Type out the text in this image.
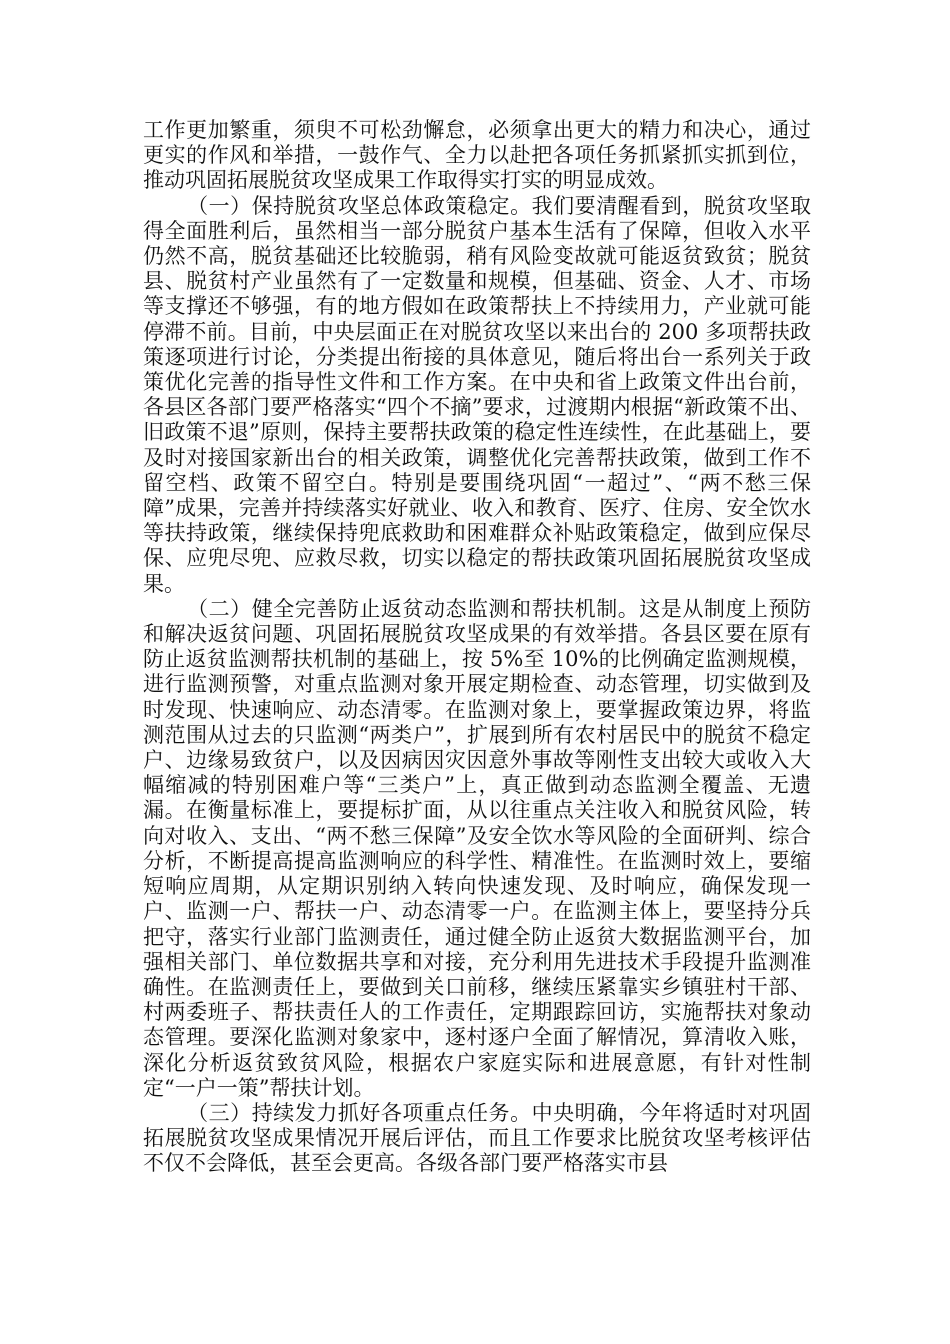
工作更加繁重，须臾不可松劲懈怠，必须拿出更大的精力和决心，通过更实的作风和举措，一鼓作气、全力以赴把各项任务抓紧抓实抓到位，推动巩固拓展脱贫攻坚成果工作取得实打实的明显成效。

（一）保持脱贫攻坚总体政策稳定。我们要清醒看到，脱贫攻坚取得全面胜利后，虽然相当一部分脱贫户基本生活有了保障，但收入水平仍然不高，脱贫基础还比较脆弱，稍有风险变故就可能返贫致贫；脱贫县、脱贫村产业虽然有了一定数量和规模，但基础、资金、人才、市场等支撑还不够强，有的地方假如在政策帮扶上不持续用力，产业就可能停滞不前。目前，中央层面正在对脱贫攻坚以来出台的 200 多项帮扶政策逐项进行讨论，分类提出衔接的具体意见，随后将出台一系列关于政策优化完善的指导性文件和工作方案。在中央和省上政策文件出台前，各县区各部门要严格落实“四个不摘”要求，过渡期内根据“新政策不出、旧政策不退”原则，保持主要帮扶政策的稳定性连续性，在此基础上，要及时对接国家新出台的相关政策，调整优化完善帮扶政策，做到工作不留空档、政策不留空白。特别是要围绕巩固“一超过”、“两不愁三保障”成果，完善并持续落实好就业、收入和教育、医疗、住房、安全饮水等扶持政策，继续保持兜底救助和困难群众补贴政策稳定，做到应保尽保、应兜尽兜、应救尽救，切实以稳定的帮扶政策巩固拓展脱贫攻坚成果。

（二）健全完善防止返贫动态监测和帮扶机制。这是从制度上预防和解决返贫问题、巩固拓展脱贫攻坚成果的有效举措。各县区要在原有防止返贫监测帮扶机制的基础上，按 5%至 10%的比例确定监测规模，进行监测预警，对重点监测对象开展定期检查、动态管理，切实做到及时发现、快速响应、动态清零。在监测对象上，要掌握政策边界，将监测范围从过去的只监测“两类户”，扩展到所有农村居民中的脱贫不稳定户、边缘易致贫户，以及因病因灾因意外事故等刚性支出较大或收入大幅缩减的特别困难户等“三类户”上，真正做到动态监测全覆盖、无遗漏。在衡量标准上，要提标扩面，从以往重点关注收入和脱贫风险，转向对收入、支出、“两不愁三保障”及安全饮水等风险的全面研判、综合分析，不断提高提高监测响应的科学性、精准性。在监测时效上，要缩短响应周期，从定期识别纳入转向快速发现、及时响应，确保发现一户、监测一户、帮扶一户、动态清零一户。在监测主体上，要坚持分兵把守，落实行业部门监测责任，通过健全防止返贫大数据监测平台，加强相关部门、单位数据共享和对接，充分利用先进技术手段提升监测准确性。在监测责任上，要做到关口前移，继续压紧靠实乡镇驻村干部、村两委班子、帮扶责任人的工作责任，定期跟踪回访，实施帮扶对象动态管理。要深化监测对象家中，逐村逐户全面了解情况，算清收入账，深化分析返贫致贫风险，根据农户家庭实际和进展意愿，有针对性制定“一户一策”帮扶计划。

（三）持续发力抓好各项重点任务。中央明确，今年将适时对巩固拓展脱贫攻坚成果情况开展后评估，而且工作要求比脱贫攻坚考核评估不仅不会降低，甚至会更高。各级各部门要严格落实市县
